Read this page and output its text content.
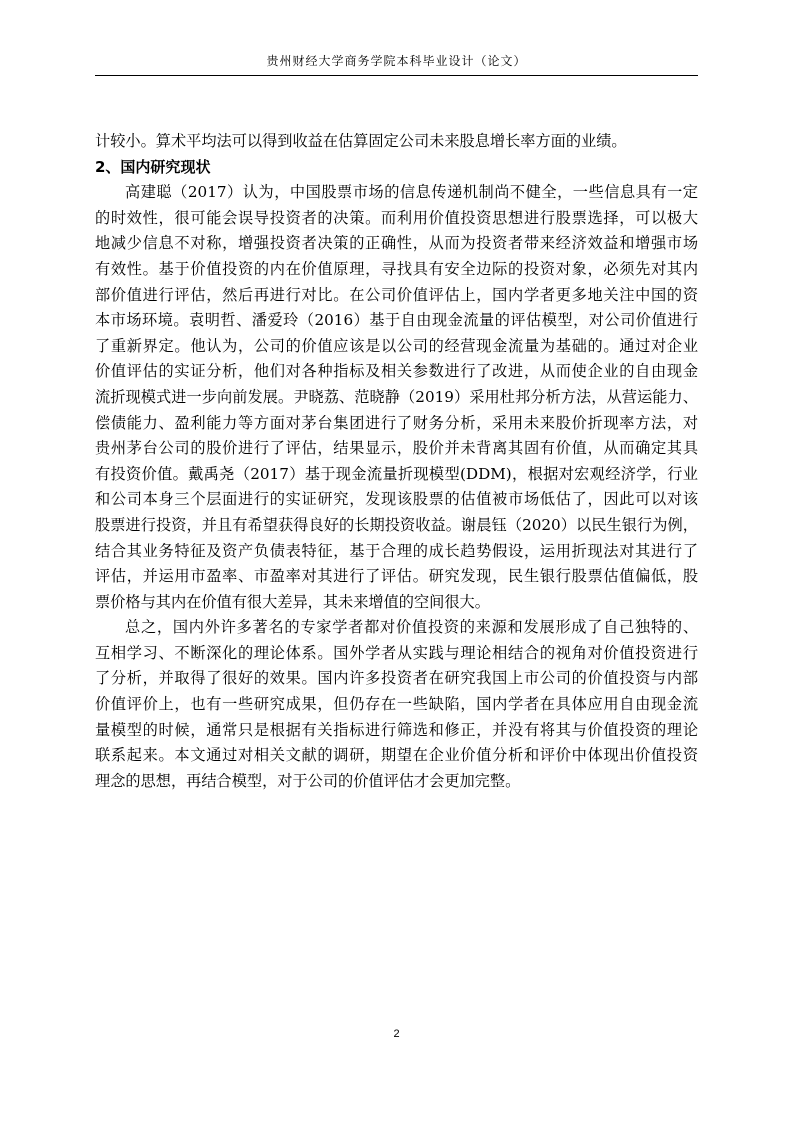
贵州财经大学商务学院本科毕业设计（论文）
计较小。算术平均法可以得到收益在估算固定公司未来股息增长率方面的业绩。
2、国内研究现状
高建聪（2017）认为，中国股票市场的信息传递机制尚不健全，一些信息具有一定
的时效性，很可能会误导投资者的决策。而利用价值投资思想进行股票选择，可以极大
地减少信息不对称，增强投资者决策的正确性，从而为投资者带来经济效益和增强市场
有效性。基于价值投资的内在价值原理，寻找具有安全边际的投资对象，必须先对其内
部价值进行评估，然后再进行对比。在公司价值评估上，国内学者更多地关注中国的资
本市场环境。袁明哲、潘爱玲（2016）基于自由现金流量的评估模型，对公司价值进行
了重新界定。他认为，公司的价值应该是以公司的经营现金流量为基础的。通过对企业
价值评估的实证分析，他们对各种指标及相关参数进行了改进，从而使企业的自由现金
流折现模式进一步向前发展。尹晓荔、范晓静（2019）采用杜邦分析方法，从营运能力、
偿债能力、盈利能力等方面对茅台集团进行了财务分析，采用未来股价折现率方法，对
贵州茅台公司的股价进行了评估，结果显示，股价并未背离其固有价值，从而确定其具
有投资价值。戴禹尧（2017）基于现金流量折现模型(DDM)，根据对宏观经济学，行业
和公司本身三个层面进行的实证研究，发现该股票的估值被市场低估了，因此可以对该
股票进行投资，并且有希望获得良好的长期投资收益。谢晨钰（2020）以民生银行为例，
结合其业务特征及资产负债表特征，基于合理的成长趋势假设，运用折现法对其进行了
评估，并运用市盈率、市盈率对其进行了评估。研究发现，民生银行股票估值偏低，股
票价格与其内在价值有很大差异，其未来增值的空间很大。
总之，国内外许多著名的专家学者都对价值投资的来源和发展形成了自己独特的、
互相学习、不断深化的理论体系。国外学者从实践与理论相结合的视角对价值投资进行
了分析，并取得了很好的效果。国内许多投资者在研究我国上市公司的价值投资与内部
价值评价上，也有一些研究成果，但仍存在一些缺陷，国内学者在具体应用自由现金流
量模型的时候，通常只是根据有关指标进行筛选和修正，并没有将其与价值投资的理论
联系起来。本文通过对相关文献的调研，期望在企业价值分析和评价中体现出价值投资
理念的思想，再结合模型，对于公司的价值评估才会更加完整。
2
